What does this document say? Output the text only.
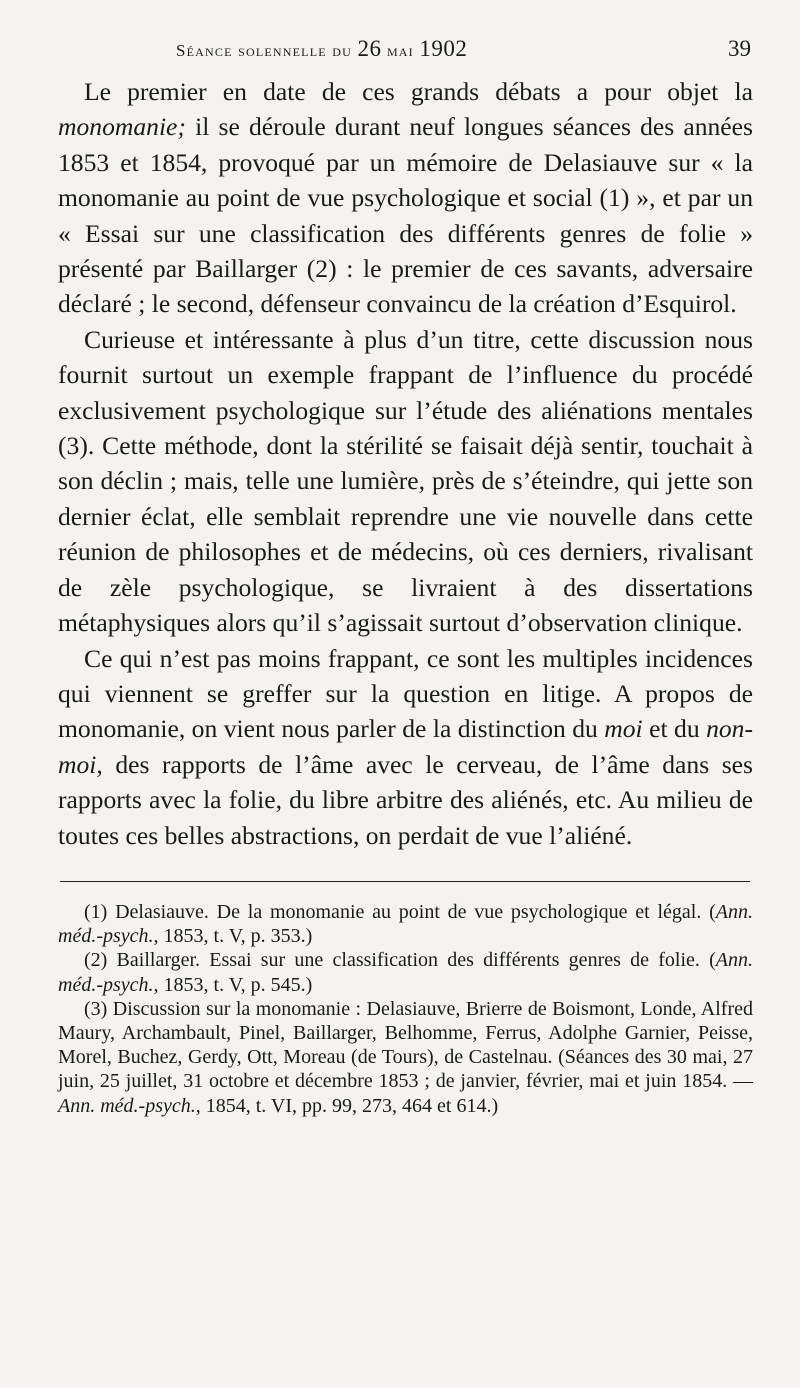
Séance solennelle du 26 mai 1902	39

Le premier en date de ces grands débats a pour objet la monomanie; il se déroule durant neuf longues séances des années 1853 et 1854, provoqué par un mémoire de Delasiauve sur « la monomanie au point de vue psychologique et social (1) », et par un « Essai sur une classification des différents genres de folie » présenté par Baillarger (2) : le premier de ces savants, adversaire déclaré ; le second, défenseur convaincu de la création d’Esquirol.

Curieuse et intéressante à plus d’un titre, cette discussion nous fournit surtout un exemple frappant de l’influence du procédé exclusivement psychologique sur l’étude des aliénations mentales (3). Cette méthode, dont la stérilité se faisait déjà sentir, touchait à son déclin ; mais, telle une lumière, près de s’éteindre, qui jette son dernier éclat, elle semblait reprendre une vie nouvelle dans cette réunion de philosophes et de médecins, où ces derniers, rivalisant de zèle psychologique, se livraient à des dissertations métaphysiques alors qu’il s’agissait surtout d’observation clinique.

Ce qui n’est pas moins frappant, ce sont les multiples incidences qui viennent se greffer sur la question en litige. A propos de monomanie, on vient nous parler de la distinction du moi et du non-moi, des rapports de l’âme avec le cerveau, de l’âme dans ses rapports avec la folie, du libre arbitre des aliénés, etc. Au milieu de toutes ces belles abstractions, on perdait de vue l’aliéné.

(1) Delasiauve. De la monomanie au point de vue psychologique et légal. (Ann. méd.-psych., 1853, t. V, p. 353.)

(2) Baillarger. Essai sur une classification des différents genres de folie. (Ann. méd.-psych., 1853, t. V, p. 545.)

(3) Discussion sur la monomanie : Delasiauve, Brierre de Boismont, Londe, Alfred Maury, Archambault, Pinel, Baillarger, Belhomme, Ferrus, Adolphe Garnier, Peisse, Morel, Buchez, Gerdy, Ott, Moreau (de Tours), de Castelnau. (Séances des 30 mai, 27 juin, 25 juillet, 31 octobre et décembre 1853 ; de janvier, février, mai et juin 1854. — Ann. méd.-psych., 1854, t. VI, pp. 99, 273, 464 et 614.)
